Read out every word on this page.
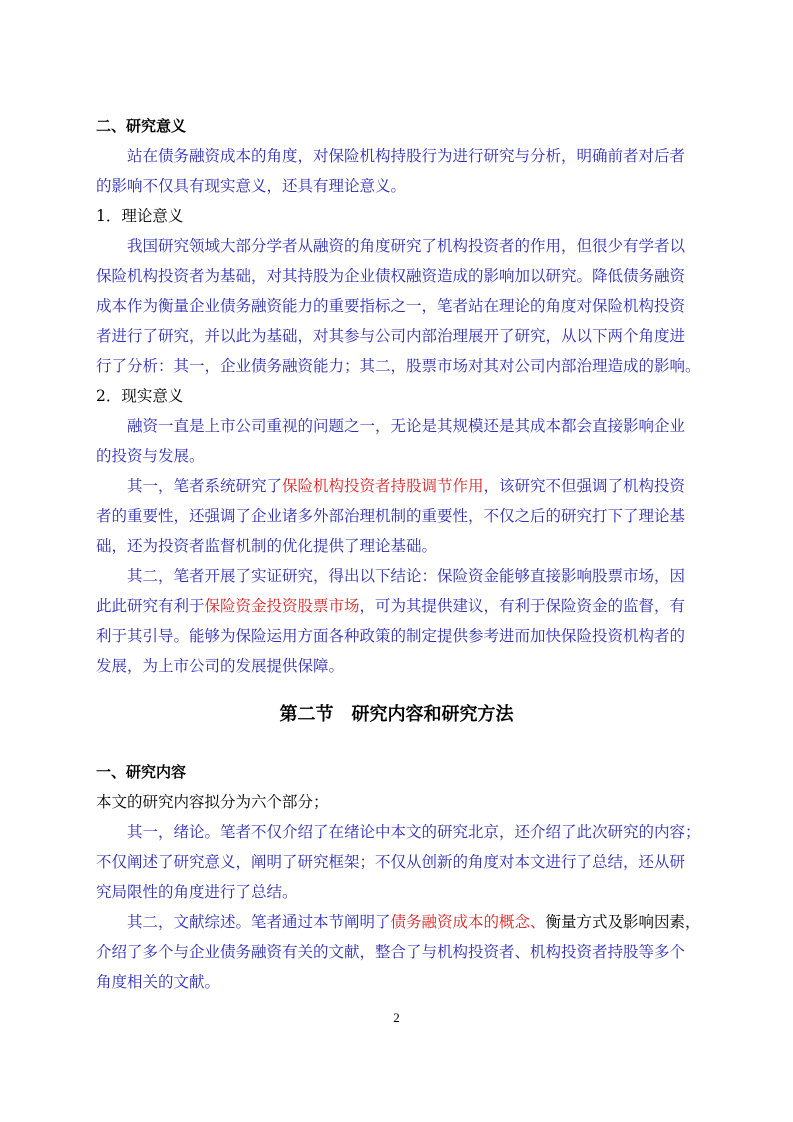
二、研究意义
站在债务融资成本的角度，对保险机构持股行为进行研究与分析，明确前者对后者
的影响不仅具有现实意义，还具有理论意义。
1．理论意义
我国研究领域大部分学者从融资的角度研究了机构投资者的作用，但很少有学者以
保险机构投资者为基础，对其持股为企业债权融资造成的影响加以研究。降低债务融资
成本作为衡量企业债务融资能力的重要指标之一，笔者站在理论的角度对保险机构投资
者进行了研究，并以此为基础，对其参与公司内部治理展开了研究，从以下两个角度进
行了分析：其一，企业债务融资能力；其二，股票市场对其对公司内部治理造成的影响。
2．现实意义
融资一直是上市公司重视的问题之一，无论是其规模还是其成本都会直接影响企业
的投资与发展。
其一，笔者系统研究了保险机构投资者持股调节作用，该研究不但强调了机构投资
者的重要性，还强调了企业诸多外部治理机制的重要性，不仅之后的研究打下了理论基
础，还为投资者监督机制的优化提供了理论基础。
其二，笔者开展了实证研究，得出以下结论：保险资金能够直接影响股票市场，因
此此研究有利于保险资金投资股票市场，可为其提供建议，有利于保险资金的监督，有
利于其引导。能够为保险运用方面各种政策的制定提供参考进而加快保险投资机构者的
发展，为上市公司的发展提供保障。
第二节　研究内容和研究方法
一、研究内容
本文的研究内容拟分为六个部分；
其一，绪论。笔者不仅介绍了在绪论中本文的研究北京，还介绍了此次研究的内容；
不仅阐述了研究意义，阐明了研究框架；不仅从创新的角度对本文进行了总结，还从研
究局限性的角度进行了总结。
其二，文献综述。笔者通过本节阐明了债务融资成本的概念、衡量方式及影响因素，
介绍了多个与企业债务融资有关的文献，整合了与机构投资者、机构投资者持股等多个
角度相关的文献。
2
